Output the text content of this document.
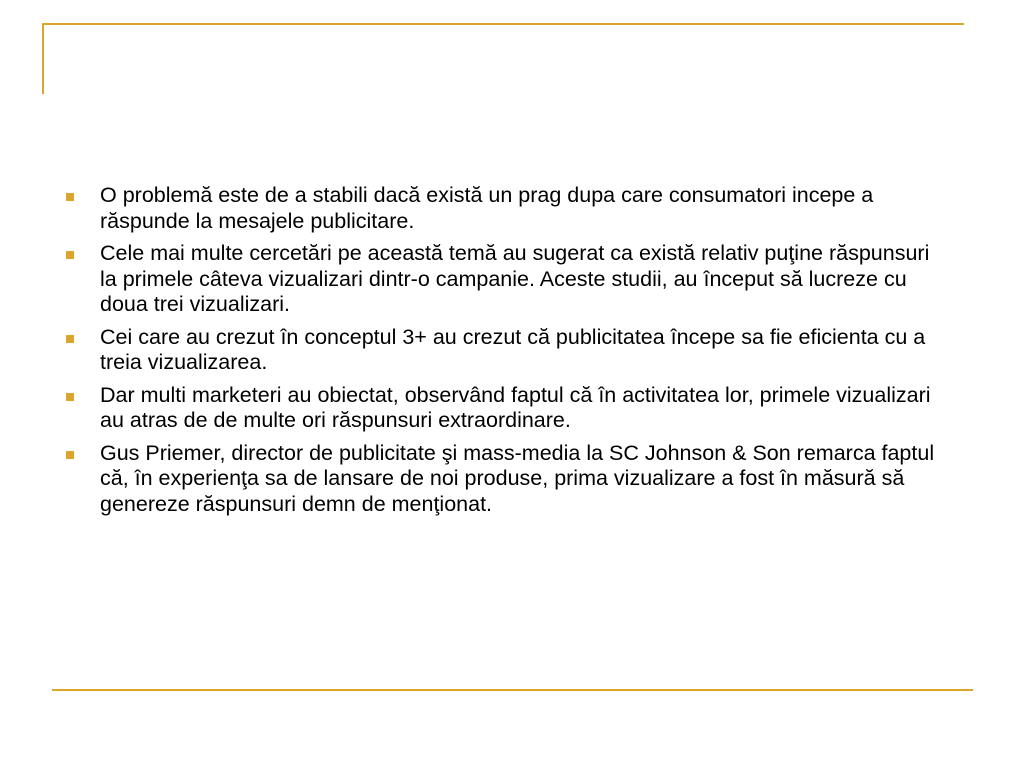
O problemă este de a stabili dacă există un prag dupa care consumatori incepe a răspunde la mesajele publicitare.
Cele mai multe cercetări pe această temă au sugerat ca există relativ puţine răspunsuri la primele câteva vizualizari dintr-o campanie. Aceste studii, au început să lucreze cu doua trei vizualizari.
Cei care au crezut în conceptul 3+ au crezut că publicitatea începe sa fie eficienta cu a treia vizualizarea.
Dar multi marketeri au obiectat, observând faptul că în activitatea lor, primele vizualizari au atras de de multe ori răspunsuri extraordinare.
Gus Priemer, director de publicitate şi mass-media la SC Johnson & Son remarca faptul că, în experienţa sa de lansare de noi produse, prima vizualizare a fost în măsură să genereze răspunsuri demn de menţionat.
